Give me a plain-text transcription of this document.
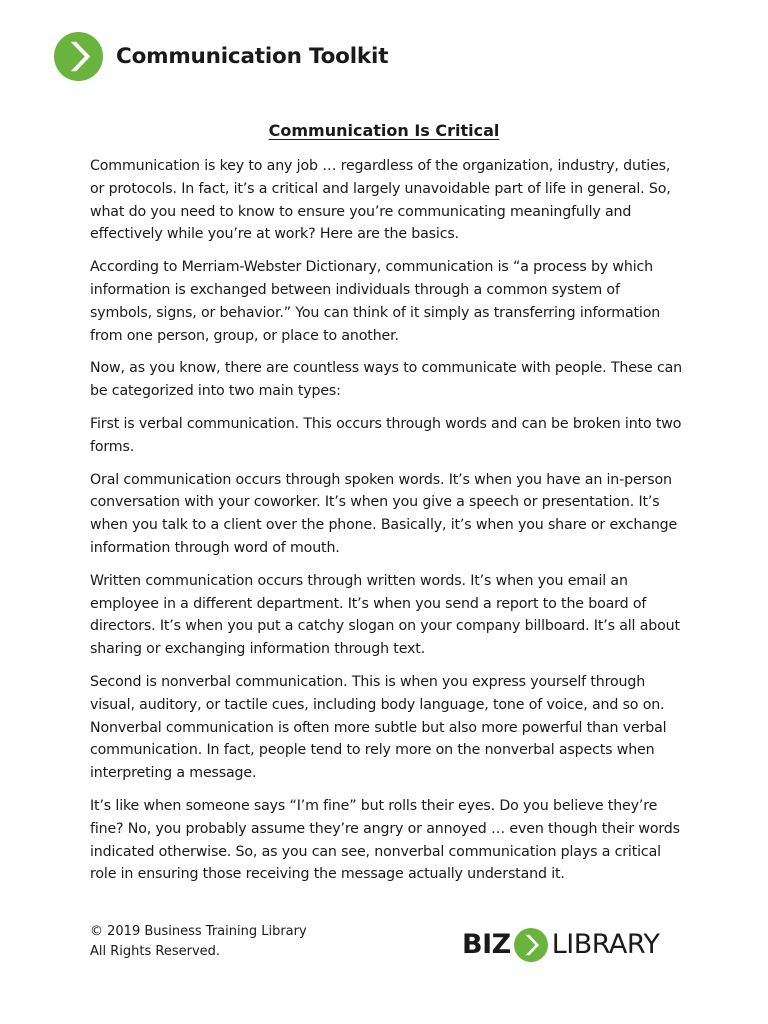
Communication Toolkit
Communication Is Critical

Communication is key to any job … regardless of the organization, industry, duties, or protocols. In fact, it’s a critical and largely unavoidable part of life in general. So, what do you need to know to ensure you’re communicating meaningfully and effectively while you’re at work? Here are the basics.

According to Merriam-Webster Dictionary, communication is “a process by which information is exchanged between individuals through a common system of symbols, signs, or behavior.” You can think of it simply as transferring information from one person, group, or place to another.

Now, as you know, there are countless ways to communicate with people. These can be categorized into two main types:

First is verbal communication. This occurs through words and can be broken into two forms.

Oral communication occurs through spoken words. It’s when you have an in-person conversation with your coworker. It’s when you give a speech or presentation. It’s when you talk to a client over the phone. Basically, it’s when you share or exchange information through word of mouth.

Written communication occurs through written words. It’s when you email an employee in a different department. It’s when you send a report to the board of directors. It’s when you put a catchy slogan on your company billboard. It’s all about sharing or exchanging information through text.

Second is nonverbal communication. This is when you express yourself through visual, auditory, or tactile cues, including body language, tone of voice, and so on. Nonverbal communication is often more subtle but also more powerful than verbal communication. In fact, people tend to rely more on the nonverbal aspects when interpreting a message.

It’s like when someone says “I’m fine” but rolls their eyes. Do you believe they’re fine? No, you probably assume they’re angry or annoyed … even though their words indicated otherwise. So, as you can see, nonverbal communication plays a critical role in ensuring those receiving the message actually understand it.

© 2019 Business Training Library
All Rights Reserved.	BIZ LIBRARY
